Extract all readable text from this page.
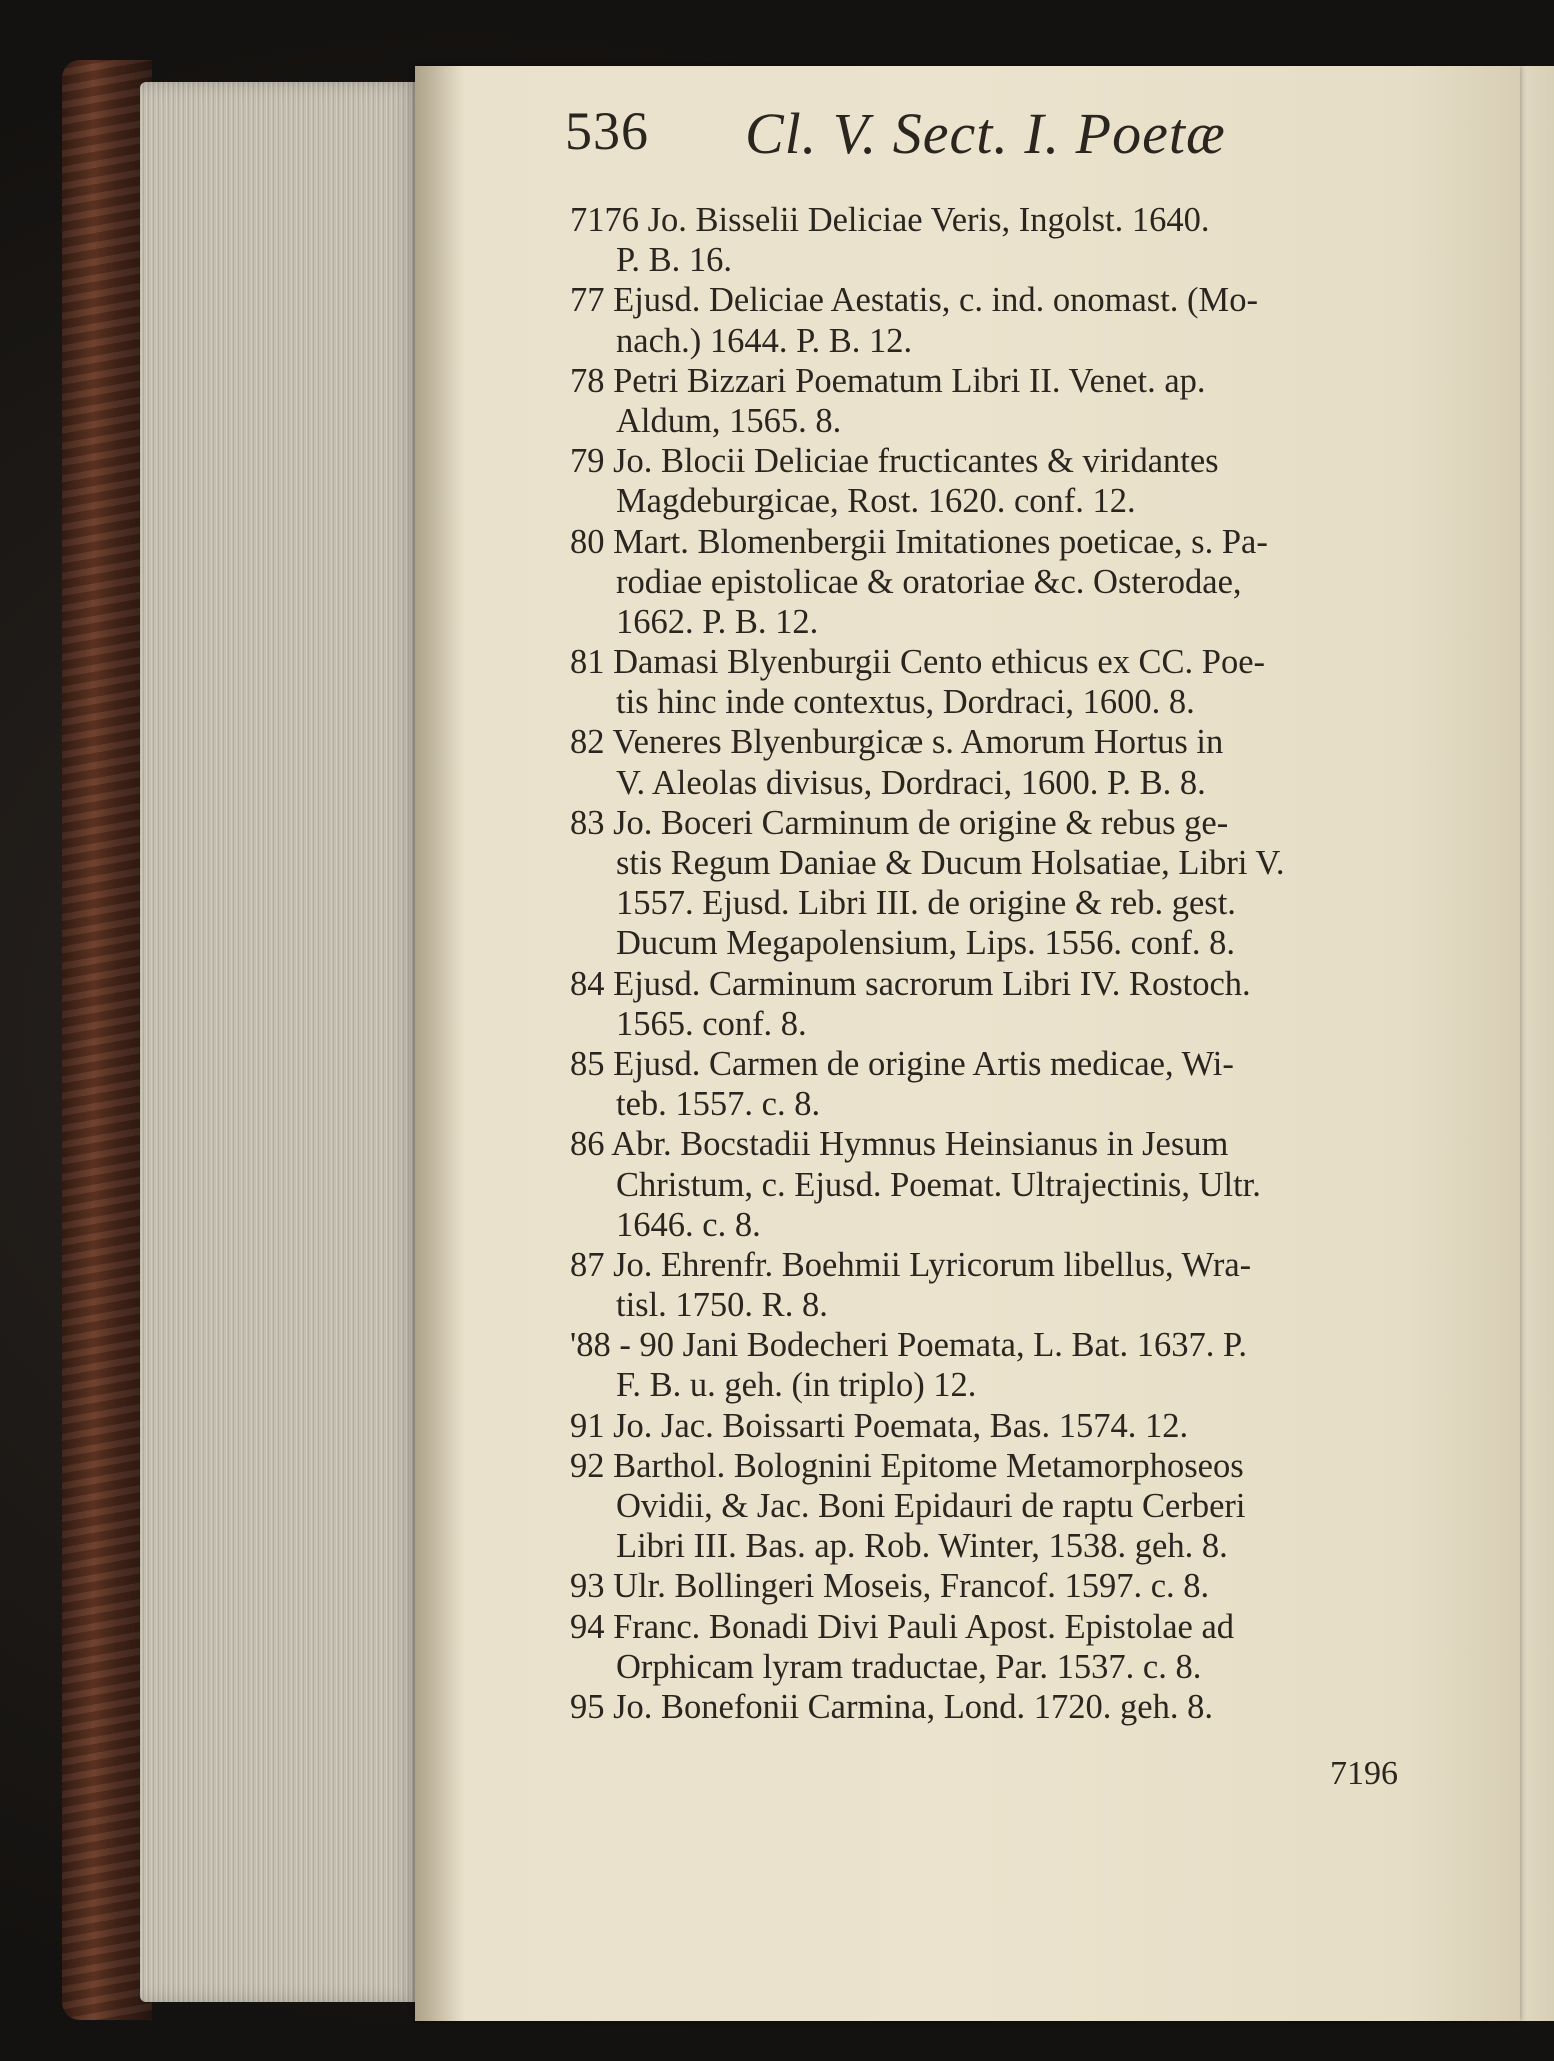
536 Cl. V. Sect. I. Poetæ
7176 Jo. Bisselii Deliciae Veris, Ingolst. 1640.
P. B. 16.
77 Ejusd. Deliciae Aestatis, c. ind. onomast. (Mo-
nach.) 1644. P. B. 12.
78 Petri Bizzari Poematum Libri II. Venet. ap.
Aldum, 1565. 8.
79 Jo. Blocii Deliciae fructicantes & viridantes
Magdeburgicae, Rost. 1620. conf. 12.
80 Mart. Blomenbergii Imitationes poeticae, s. Pa-
rodiae epistolicae & oratoriae &c. Osterodae,
1662. P. B. 12.
81 Damasi Blyenburgii Cento ethicus ex CC. Poe-
tis hinc inde contextus, Dordraci, 1600. 8.
82 Veneres Blyenburgicæ s. Amorum Hortus in
V. Aleolas divisus, Dordraci, 1600. P. B. 8.
83 Jo. Boceri Carminum de origine & rebus ge-
stis Regum Daniae & Ducum Holsatiae, Libri V.
1557. Ejusd. Libri III. de origine & reb. gest.
Ducum Megapolensium, Lips. 1556. conf. 8.
84 Ejusd. Carminum sacrorum Libri IV. Rostoch.
1565. conf. 8.
85 Ejusd. Carmen de origine Artis medicae, Wi-
teb. 1557. c. 8.
86 Abr. Bocstadii Hymnus Heinsianus in Jesum
Christum, c. Ejusd. Poemat. Ultrajectinis, Ultr.
1646. c. 8.
87 Jo. Ehrenfr. Boehmii Lyricorum libellus, Wra-
tisl. 1750. R. 8.
'88 - 90 Jani Bodecheri Poemata, L. Bat. 1637. P.
F. B. u. geh. (in triplo) 12.
91 Jo. Jac. Boissarti Poemata, Bas. 1574. 12.
92 Barthol. Bolognini Epitome Metamorphoseos
Ovidii, & Jac. Boni Epidauri de raptu Cerberi
Libri III. Bas. ap. Rob. Winter, 1538. geh. 8.
93 Ulr. Bollingeri Moseis, Francof. 1597. c. 8.
94 Franc. Bonadi Divi Pauli Apost. Epistolae ad
Orphicam lyram traductae, Par. 1537. c. 8.
95 Jo. Bonefonii Carmina, Lond. 1720. geh. 8.
7196
